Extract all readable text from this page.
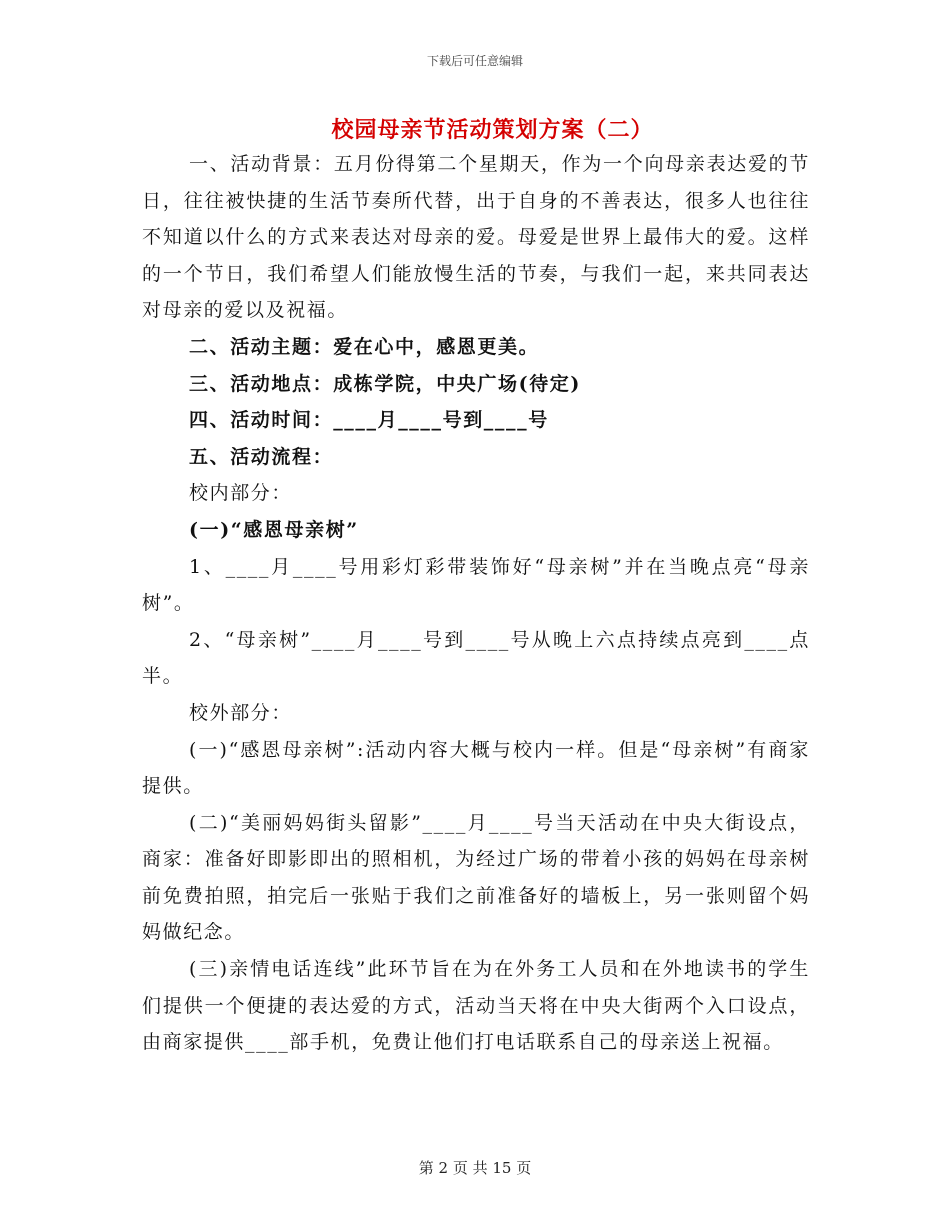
下载后可任意编辑
校园母亲节活动策划方案（二）

一、活动背景：五月份得第二个星期天，作为一个向母亲表达爱的节日，往往被快捷的生活节奏所代替，出于自身的不善表达，很多人也往往不知道以什么的方式来表达对母亲的爱。母爱是世界上最伟大的爱。这样的一个节日，我们希望人们能放慢生活的节奏，与我们一起，来共同表达对母亲的爱以及祝福。

二、活动主题：爱在心中，感恩更美。

三、活动地点：成栋学院，中央广场(待定)

四、活动时间：____月____号到____号

五、活动流程：

校内部分：

(一)“感恩母亲树”

1、____月____号用彩灯彩带装饰好“母亲树”并在当晚点亮“母亲树”。

2、“母亲树”____月____号到____号从晚上六点持续点亮到____点半。

校外部分：

(一)“感恩母亲树”:活动内容大概与校内一样。但是“母亲树”有商家提供。

(二)“美丽妈妈街头留影”____月____号当天活动在中央大街设点，商家：准备好即影即出的照相机，为经过广场的带着小孩的妈妈在母亲树前免费拍照，拍完后一张贴于我们之前准备好的墙板上，另一张则留个妈妈做纪念。

(三)亲情电话连线”此环节旨在为在外务工人员和在外地读书的学生们提供一个便捷的表达爱的方式，活动当天将在中央大街两个入口设点，由商家提供____部手机，免费让他们打电话联系自己的母亲送上祝福。

第 2 页 共 15 页
